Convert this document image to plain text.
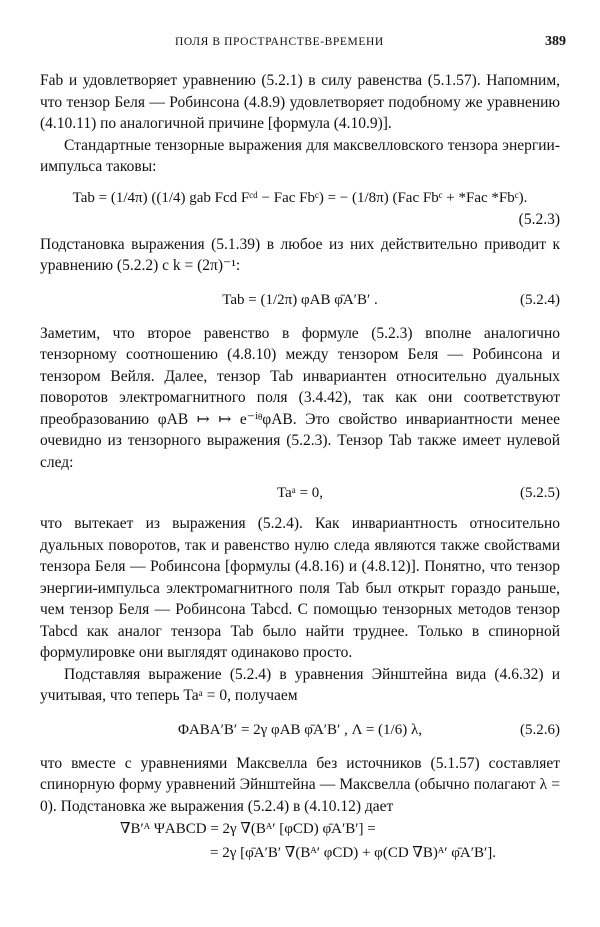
ПОЛЯ В ПРОСТРАНСТВЕ-ВРЕМЕНИ	389

Fab и удовлетворяет уравнению (5.2.1) в силу равенства (5.1.57). Напомним, что тензор Беля — Робинсона (4.8.9) удовлетворяет подобному же уравнению (4.10.11) по аналогичной причине [формула (4.10.9)].

Стандартные тензорные выражения для максвелловского тензора энергии-импульса таковы:

Tab = (1/4π) ((1/4) gab Fcd Fᶜᵈ − Fac Fbᶜ) = − (1/8π) (Fac Fbᶜ + *Fac *Fbᶜ).
(5.2.3)

Подстановка выражения (5.1.39) в любое из них действительно приводит к уравнению (5.2.2) с k = (2π)⁻¹:

Tab = (1/2π) φAB φ̄A′B′ .	(5.2.4)

Заметим, что второе равенство в формуле (5.2.3) вполне аналогично тензорному соотношению (4.8.10) между тензором Беля — Робинсона и тензором Вейля. Далее, тензор Tab инвариантен относительно дуальных поворотов электромагнитного поля (3.4.42), так как они соответствуют преобразованию φAB ↦ ↦ e⁻ⁱᶿφAB. Это свойство инвариантности менее очевидно из тензорного выражения (5.2.3). Тензор Tab также имеет нулевой след:

Taᵃ = 0,	(5.2.5)

что вытекает из выражения (5.2.4). Как инвариантность относительно дуальных поворотов, так и равенство нулю следа являются также свойствами тензора Беля — Робинсона [формулы (4.8.16) и (4.8.12)]. Понятно, что тензор энергии-импульса электромагнитного поля Tab был открыт гораздо раньше, чем тензор Беля — Робинсона Tabcd. С помощью тензорных методов тензор Tabcd как аналог тензора Tab было найти труднее. Только в спинорной формулировке они выглядят одинаково просто.

Подставляя выражение (5.2.4) в уравнения Эйнштейна вида (4.6.32) и учитывая, что теперь Taᵃ = 0, получаем

ΦABA′B′ = 2γ φAB φ̄A′B′ , Λ = (1/6) λ,	(5.2.6)

что вместе с уравнениями Максвелла без источников (5.1.57) составляет спинорную форму уравнений Эйнштейна — Максвелла (обычно полагают λ = 0). Подстановка же выражения (5.2.4) в (4.10.12) дает

∇B′ᴬ ΨABCD = 2γ ∇(Bᴬ′ [φCD) φ̄A′B′] =
= 2γ [φ̄A′B′ ∇(Bᴬ′ φCD) + φ(CD ∇B)ᴬ′ φ̄A′B′].
